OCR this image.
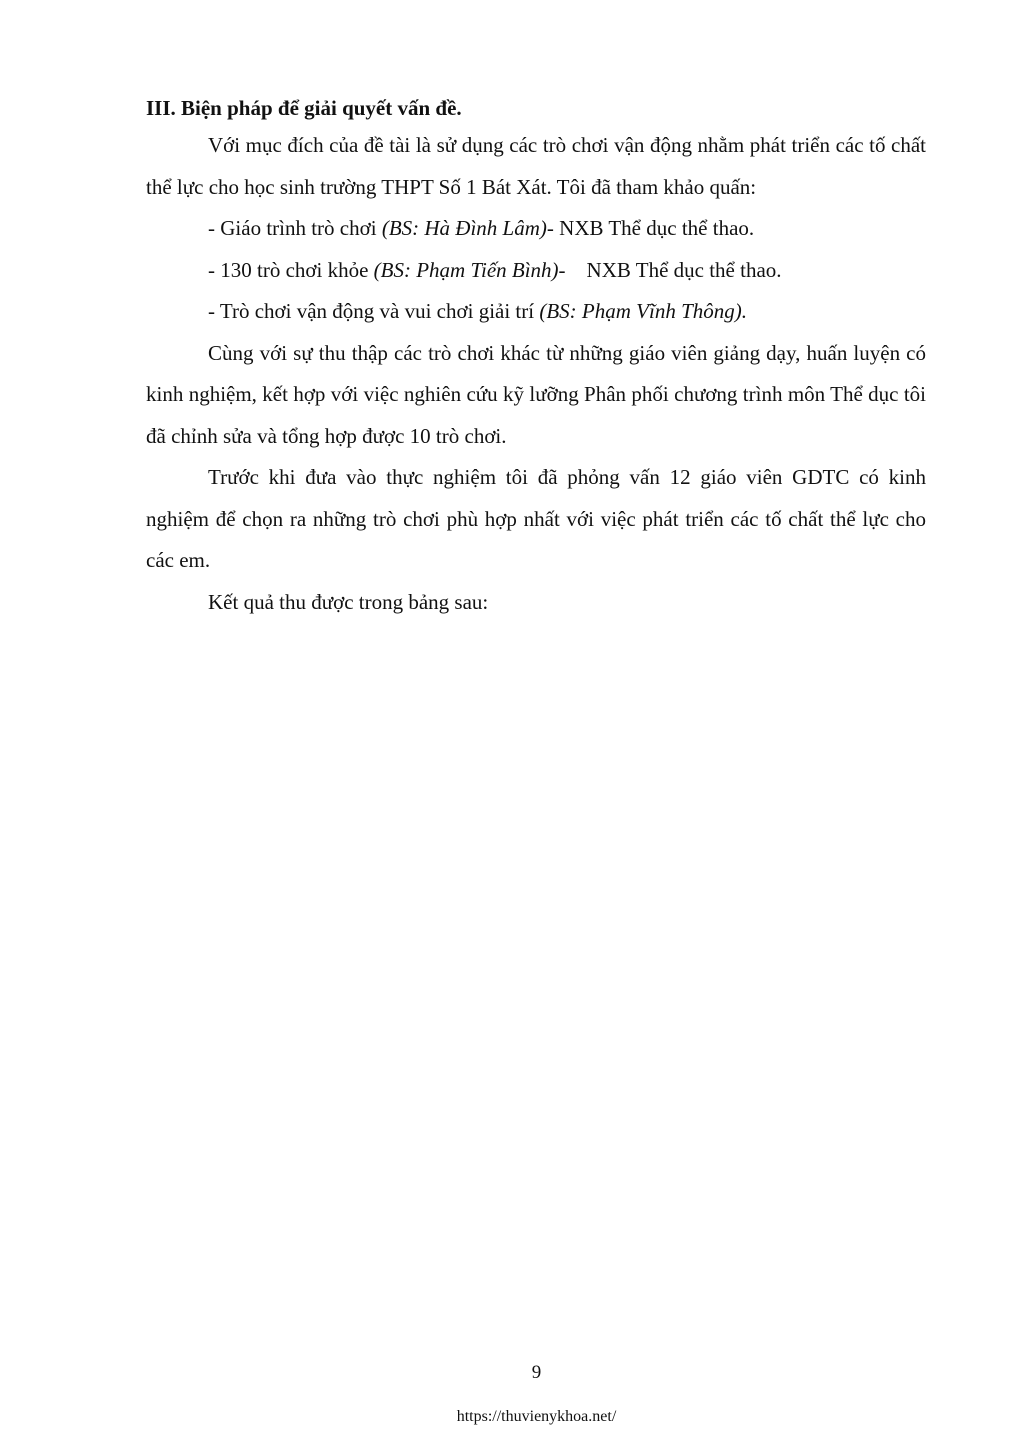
III. Biện pháp để giải quyết vấn đề.

Với mục đích của đề tài là sử dụng các trò chơi vận động nhằm phát triển các tố chất thể lực cho học sinh trường THPT Số 1 Bát Xát. Tôi đã tham khảo quấn:

- Giáo trình trò chơi (BS: Hà Đình Lâm)- NXB Thể dục thể thao.

- 130 trò chơi khỏe (BS: Phạm Tiến Bình)-    NXB Thể dục thể thao.

- Trò chơi vận động và vui chơi giải trí (BS: Phạm Vĩnh Thông).

Cùng với sự thu thập các trò chơi khác từ những giáo viên giảng dạy, huấn luyện có kinh nghiệm, kết hợp với việc nghiên cứu kỹ lưỡng Phân phối chương trình môn Thể dục tôi đã chỉnh sửa và tổng hợp được 10 trò chơi.

Trước khi đưa vào thực nghiệm tôi đã phỏng vấn 12 giáo viên GDTC có kinh nghiệm để chọn ra những trò chơi phù hợp nhất với việc phát triển các tố chất thể lực cho các em.

Kết quả thu được trong bảng sau:

9
https://thuvienykhoa.net/
